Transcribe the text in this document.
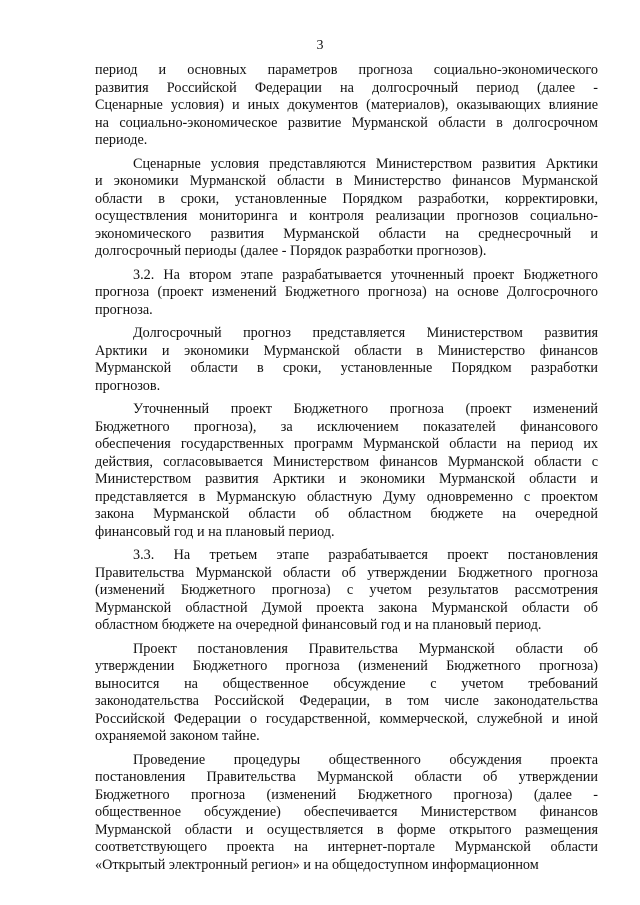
3
период и основных параметров прогноза социально-экономического
развития Российской Федерации на долгосрочный период (далее -
Сценарные условия) и иных документов (материалов), оказывающих влияние
на социально-экономическое развитие Мурманской области в долгосрочном
периоде.
Сценарные условия представляются Министерством развития Арктики
и экономики Мурманской области в Министерство финансов Мурманской
области в сроки, установленные Порядком разработки, корректировки,
осуществления мониторинга и контроля реализации прогнозов социально-
экономического развития Мурманской области на среднесрочный и
долгосрочный периоды (далее - Порядок разработки прогнозов).
3.2. На втором этапе разрабатывается уточненный проект Бюджетного
прогноза (проект изменений Бюджетного прогноза) на основе Долгосрочного
прогноза.
Долгосрочный прогноз представляется Министерством развития
Арктики и экономики Мурманской области в Министерство финансов
Мурманской области в сроки, установленные Порядком разработки
прогнозов.
Уточненный проект Бюджетного прогноза (проект изменений
Бюджетного прогноза), за исключением показателей финансового
обеспечения государственных программ Мурманской области на период их
действия, согласовывается Министерством финансов Мурманской области с
Министерством развития Арктики и экономики Мурманской области и
представляется в Мурманскую областную Думу одновременно с проектом
закона Мурманской области об областном бюджете на очередной
финансовый год и на плановый период.
3.3. На третьем этапе разрабатывается проект постановления
Правительства Мурманской области об утверждении Бюджетного прогноза
(изменений Бюджетного прогноза) с учетом результатов рассмотрения
Мурманской областной Думой проекта закона Мурманской области об
областном бюджете на очередной финансовый год и на плановый период.
Проект постановления Правительства Мурманской области об
утверждении Бюджетного прогноза (изменений Бюджетного прогноза)
выносится на общественное обсуждение с учетом требований
законодательства Российской Федерации, в том числе законодательства
Российской Федерации о государственной, коммерческой, служебной и иной
охраняемой законом тайне.
Проведение процедуры общественного обсуждения проекта
постановления Правительства Мурманской области об утверждении
Бюджетного прогноза (изменений Бюджетного прогноза) (далее -
общественное обсуждение) обеспечивается Министерством финансов
Мурманской области и осуществляется в форме открытого размещения
соответствующего проекта на интернет-портале Мурманской области
«Открытый электронный регион» и на общедоступном информационном
